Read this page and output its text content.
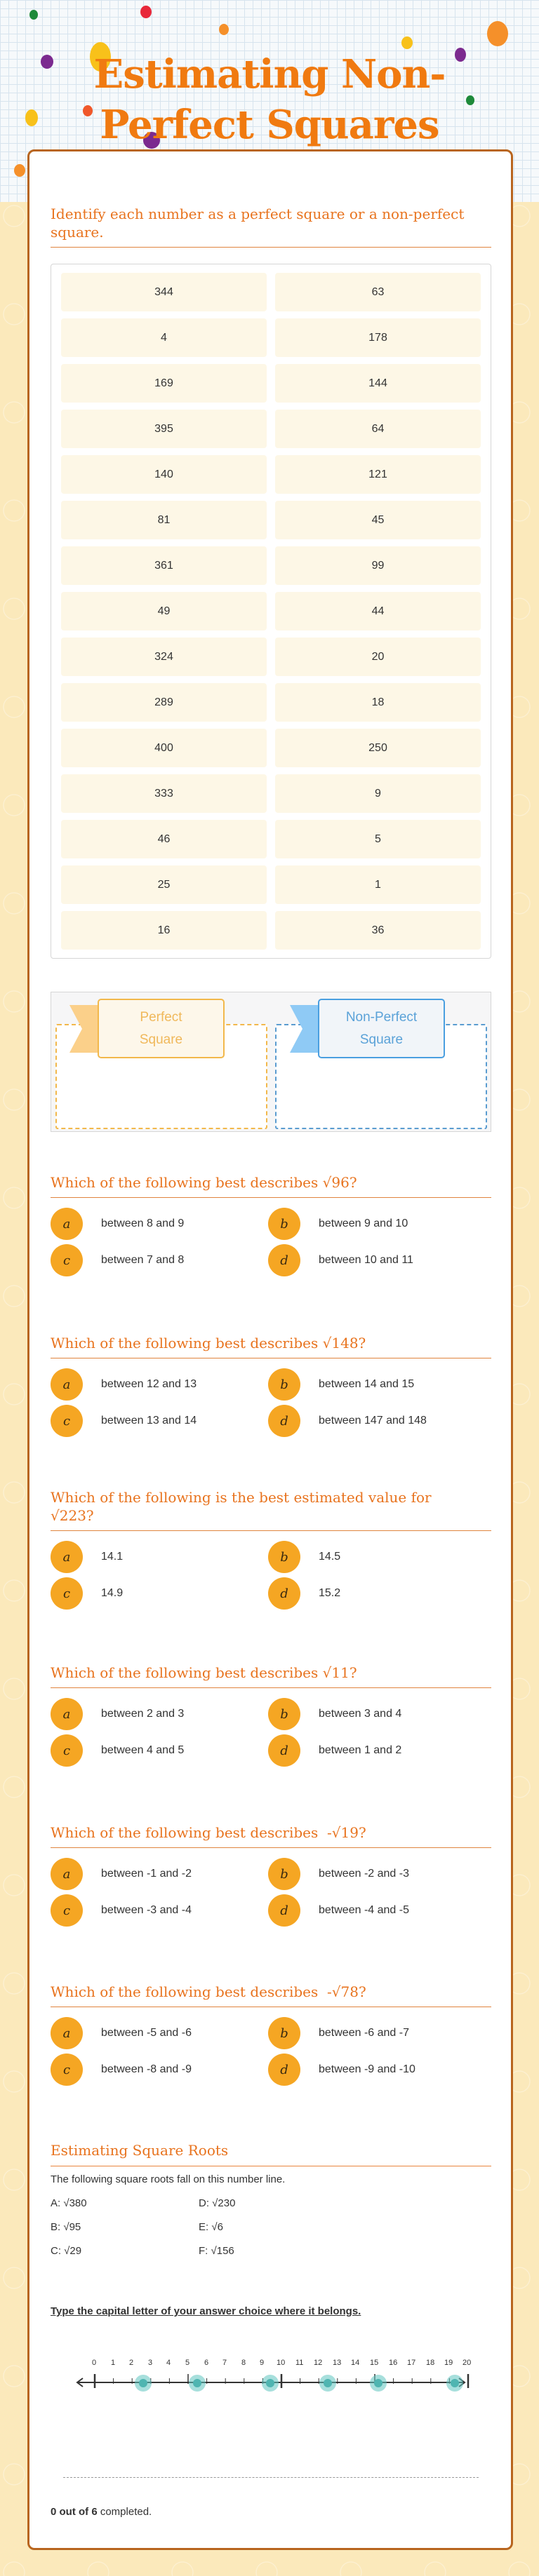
Estimating Non-
Perfect Squares
Identify each number as a perfect square or a non-perfect square.
344	63
4	178
169	144
395	64
140	121
81	45
361	99
49	44
324	20
289	18
400	250
333	9
46	5
25	1
16	36
Perfect
Square
Non-Perfect
Square
Which of the following best describes √96?
a	between 8 and 9	b	between 9 and 10
c	between 7 and 8	d	between 10 and 11
Which of the following best describes √148?
a	between 12 and 13	b	between 14 and 15
c	between 13 and 14	d	between 147 and 148
Which of the following is the best estimated value for √223?
a	14.1	b	14.5
c	14.9	d	15.2
Which of the following best describes √11?
a	between 2 and 3	b	between 3 and 4
c	between 4 and 5	d	between 1 and 2
Which of the following best describes  -√19?
a	between -1 and -2	b	between -2 and -3
c	between -3 and -4	d	between -4 and -5
Which of the following best describes  -√78?
a	between -5 and -6	b	between -6 and -7
c	between -8 and -9	d	between -9 and -10
Estimating Square Roots
The following square roots fall on this number line.
A: √380	D: √230
B: √95	E: √6
C: √29	F: √156
Type the capital letter of your answer choice where it belongs.
0 1 2 3 4 5 6 7 8 9 10 11 12 13 14 15 16 17 18 19 20
0 out of 6 completed.
